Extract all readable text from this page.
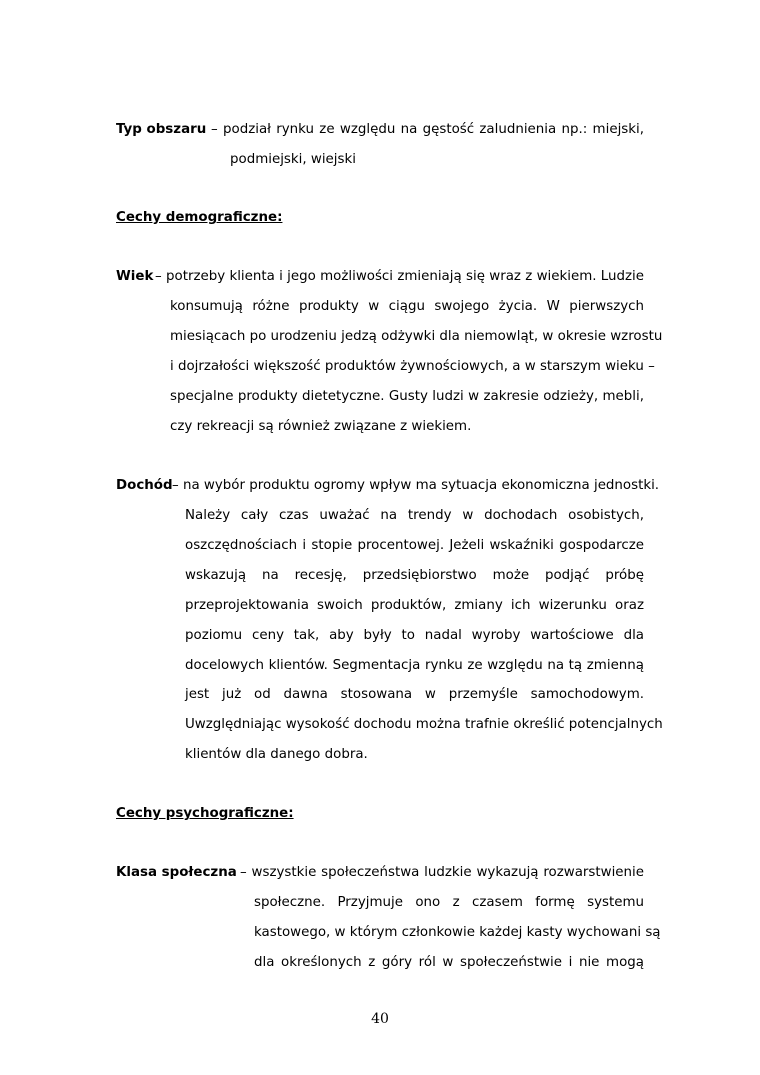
Typ obszaru – podział rynku ze względu na gęstość zaludnienia np.: miejski,
podmiejski, wiejski
Cechy demograficzne:
Wiek – potrzeby klienta i jego możliwości zmieniają się wraz z wiekiem. Ludzie
konsumują różne produkty w ciągu swojego życia. W pierwszych
miesiącach po urodzeniu jedzą odżywki dla niemowląt, w okresie wzrostu
i dojrzałości większość produktów żywnościowych, a w starszym wieku –
specjalne produkty dietetyczne. Gusty ludzi w zakresie odzieży, mebli,
czy rekreacji są również związane z wiekiem.
Dochód – na wybór produktu ogromy wpływ ma sytuacja ekonomiczna jednostki.
Należy cały czas uważać na trendy w dochodach osobistych,
oszczędnościach i stopie procentowej. Jeżeli wskaźniki gospodarcze
wskazują na recesję, przedsiębiorstwo może podjąć próbę
przeprojektowania swoich produktów, zmiany ich wizerunku oraz
poziomu ceny tak, aby były to nadal wyroby wartościowe dla
docelowych klientów. Segmentacja rynku ze względu na tą zmienną
jest już od dawna stosowana w przemyśle samochodowym.
Uwzględniając wysokość dochodu można trafnie określić potencjalnych
klientów dla danego dobra.
Cechy psychograficzne:
Klasa społeczna – wszystkie społeczeństwa ludzkie wykazują rozwarstwienie
społeczne. Przyjmuje ono z czasem formę systemu
kastowego, w którym członkowie każdej kasty wychowani są
dla określonych z góry ról w społeczeństwie i nie mogą
40
